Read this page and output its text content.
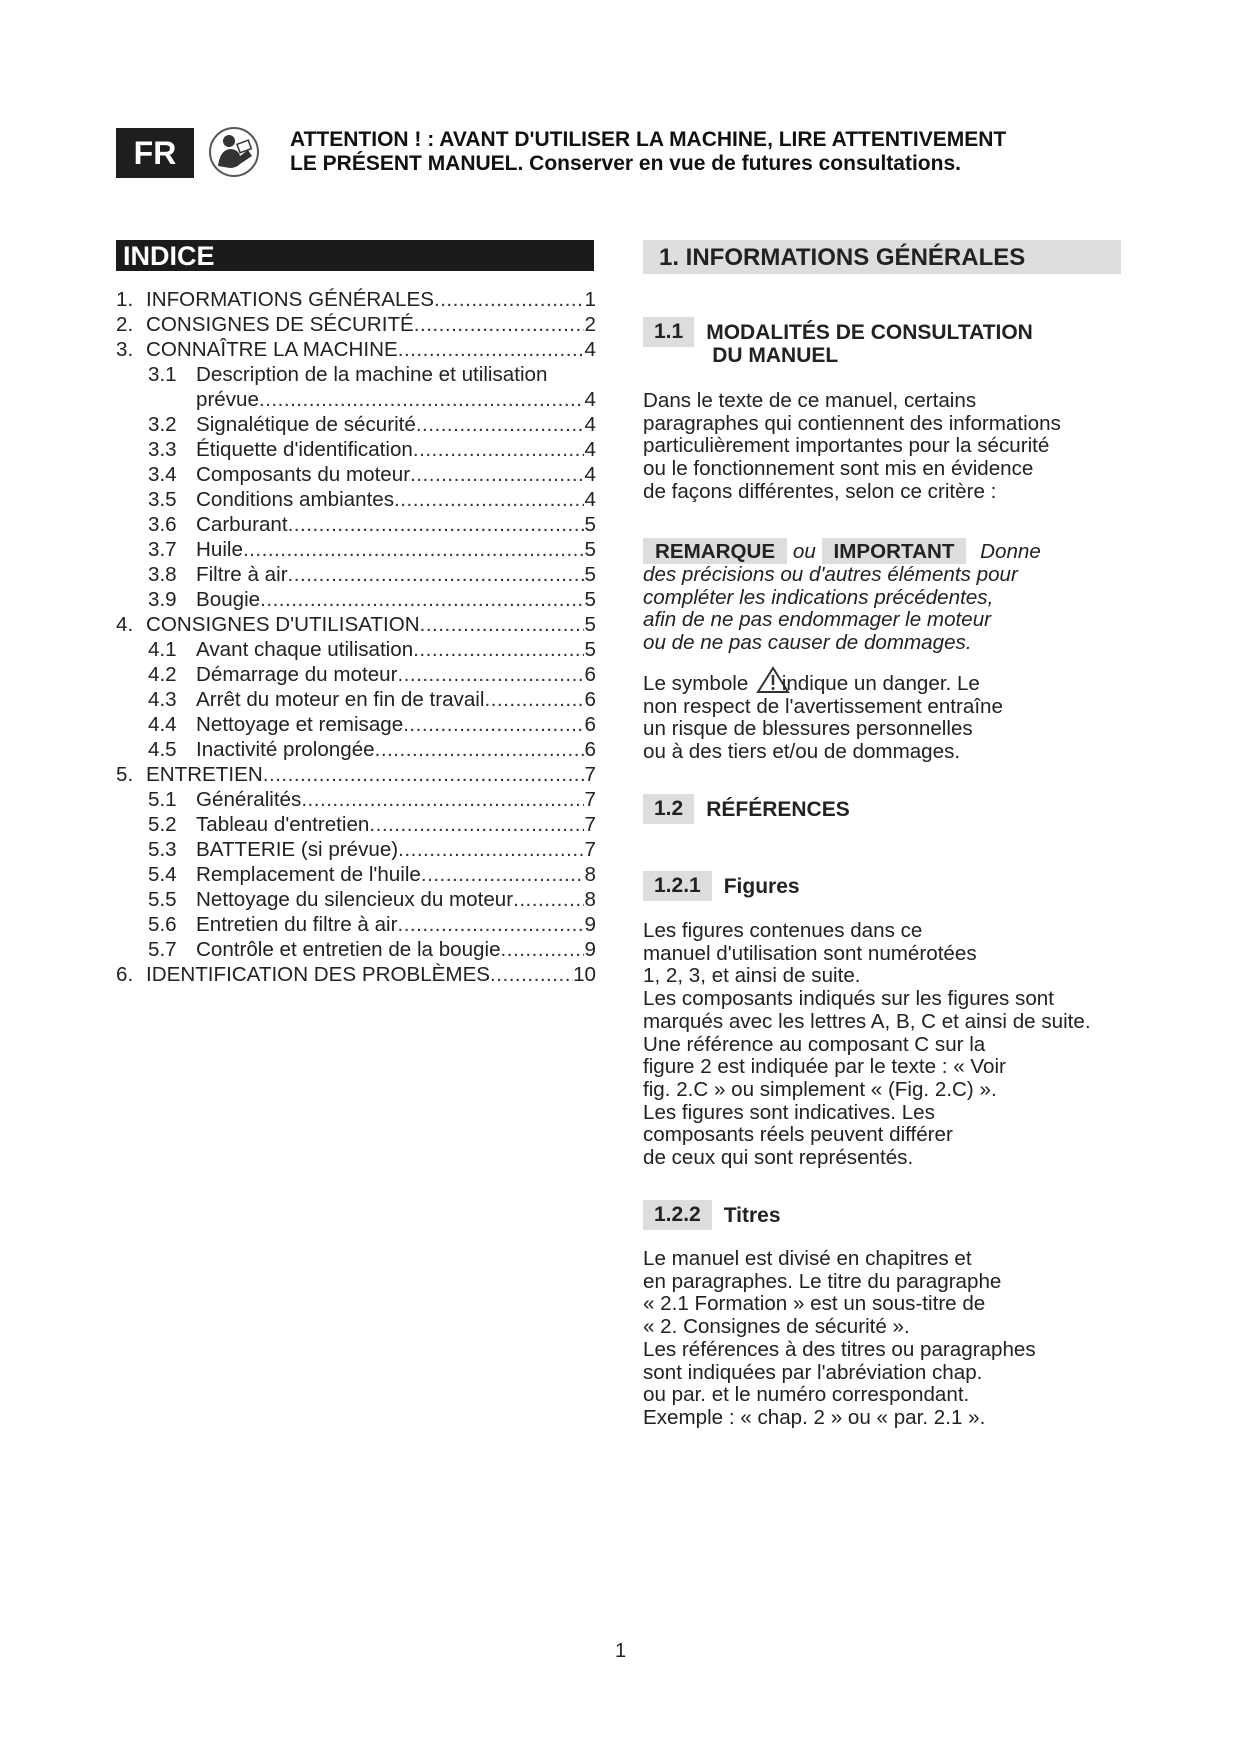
FR	ATTENTION ! : AVANT D'UTILISER LA MACHINE, LIRE ATTENTIVEMENT
LE PRÉSENT MANUEL. Conserver en vue de futures consultations.
INDICE
1. INFORMATIONS GÉNÉRALES .....	1
2. CONSIGNES DE SÉCURITÉ .....	2
3. CONNAÎTRE LA MACHINE .....	4
3.1 Description de la machine et utilisation
prévue .....	4
3.2 Signalétique de sécurité .....	4
3.3 Étiquette d'identification .....	4
3.4 Composants du moteur .....	4
3.5 Conditions ambiantes .....	4
3.6 Carburant .....	5
3.7 Huile .....	5
3.8 Filtre à air .....	5
3.9 Bougie .....	5
4. CONSIGNES D'UTILISATION .....	5
4.1 Avant chaque utilisation .....	5
4.2 Démarrage du moteur .....	6
4.3 Arrêt du moteur en fin de travail .....	6
4.4 Nettoyage et remisage .....	6
4.5 Inactivité prolongée .....	6
5. ENTRETIEN .....	7
5.1 Généralités .....	7
5.2 Tableau d'entretien .....	7
5.3 BATTERIE (si prévue) .....	7
5.4 Remplacement de l'huile .....	8
5.5 Nettoyage du silencieux du moteur .....	8
5.6 Entretien du filtre à air .....	9
5.7 Contrôle et entretien de la bougie .....	9
6. IDENTIFICATION DES PROBLÈMES .....	10
1. INFORMATIONS GÉNÉRALES
1.1	MODALITÉS DE CONSULTATION
DU MANUEL
Dans le texte de ce manuel, certains
paragraphes qui contiennent des informations
particulièrement importantes pour la sécurité
ou le fonctionnement sont mis en évidence
de façons différentes, selon ce critère :
REMARQUE ou IMPORTANT Donne
des précisions ou d'autres éléments pour
compléter les indications précédentes,
afin de ne pas endommager le moteur
ou de ne pas causer de dommages.
Le symbole indique un danger. Le
non respect de l'avertissement entraîne
un risque de blessures personnelles
ou à des tiers et/ou de dommages.
1.2	RÉFÉRENCES
1.2.1	Figures
Les figures contenues dans ce
manuel d'utilisation sont numérotées
1, 2, 3, et ainsi de suite.
Les composants indiqués sur les figures sont
marqués avec les lettres A, B, C et ainsi de suite.
Une référence au composant C sur la
figure 2 est indiquée par le texte : « Voir
fig. 2.C » ou simplement « (Fig. 2.C) ».
Les figures sont indicatives. Les
composants réels peuvent différer
de ceux qui sont représentés.
1.2.2	Titres
Le manuel est divisé en chapitres et
en paragraphes. Le titre du paragraphe
« 2.1 Formation » est un sous-titre de
« 2. Consignes de sécurité ».
Les références à des titres ou paragraphes
sont indiquées par l'abréviation chap.
ou par. et le numéro correspondant.
Exemple : « chap. 2 » ou « par. 2.1 ».
1
